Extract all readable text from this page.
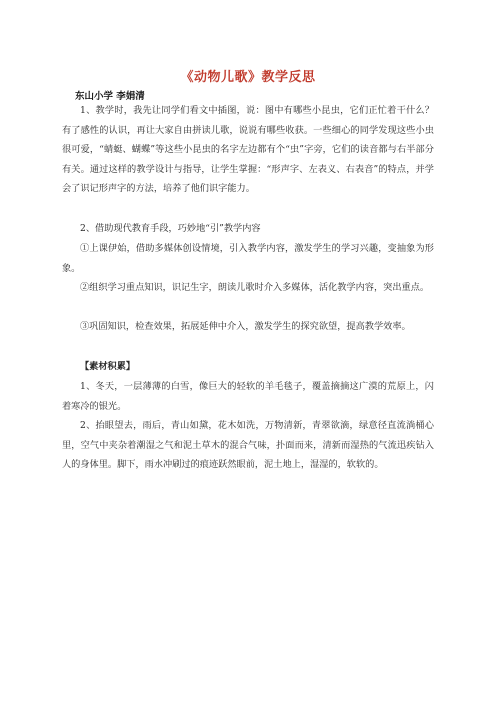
《动物儿歌》教学反思

东山小学 李娟清

1、教学时，我先让同学们看文中插图，说：图中有哪些小昆虫，它们正忙着干什么？有了感性的认识，再让大家自由拼读儿歌，说说有哪些收获。一些细心的同学发现这些小虫很可爱，“蜻蜓、蝴蝶”等这些小昆虫的名字左边都有个“虫”字旁，它们的读音都与右半部分有关。通过这样的教学设计与指导，让学生掌握：“形声字、左表义、右表音”的特点，并学会了识记形声字的方法，培养了他们识字能力。

2、借助现代教育手段，巧妙地“引”教学内容

①上课伊始，借助多媒体创设情境，引入教学内容，激发学生的学习兴趣，变抽象为形象。

②组织学习重点知识，识记生字，朗读儿歌时介入多媒体，活化教学内容，突出重点。

③巩固知识，检查效果，拓展延伸中介入，激发学生的探究欲望，提高教学效率。

【素材积累】

1、冬天，一层薄薄的白雪，像巨大的轻软的羊毛毯子，覆盖摘摘这广漠的荒原上，闪着寒冷的银光。

2、抬眼望去，雨后，青山如黛，花木如洗，万物清新，青翠欲滴，绿意径直流淌桶心里，空气中夹杂着潮湿之气和泥土草木的混合气味，扑面而来，清新而湿热的气流迅疾钻入人的身体里。脚下，雨水冲刷过的痕迹跃然眼前，泥土地上，湿湿的，软软的。
